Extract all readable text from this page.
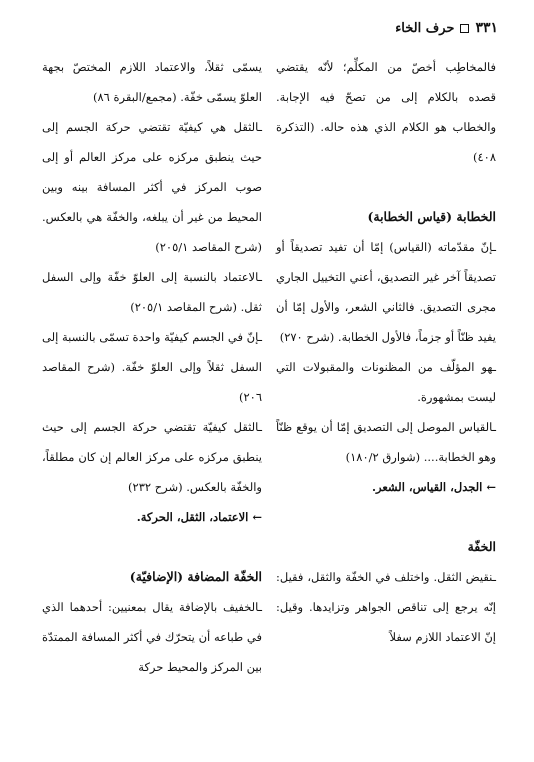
٣٣١
حرف الخاء

فالمخاطِب أخصّ من المكلِّم؛ لأنّه يقتضي قصده بالكلام إلى من تصحّ فيه الإجابة. والخطاب هو الكلام الذي هذه حاله. (التذكرة ٤٠٨)

الخطابة (قياس الخطابة)

ـإنّ مقدّماته (القياس) إمّا أن تفيد تصديقاً أو تصديقاً آخر غير التصديق، أعني التخييل الجاري مجرى التصديق. فالثاني الشعر، والأول إمّا أن يفيد ظنّاً أو جزماً، فالأول الخطابة. (شرح ٢٧٠)

ـهو المؤلّف من المظنونات والمقبولات التي ليست بمشهورة.

ـالقياس الموصل إلى التصديق إمّا أن يوقع ظنّاً وهو الخطابة.... (شوارق ١٨٠/٢)

← الجدل، القياس، الشعر.

الخفّة

ـنقيض الثقل. واختلف في الخفّة والثقل، فقيل: إنّه يرجع إلى تناقص الجواهر وتزايدها. وقيل: إنّ الاعتماد اللازم سفلاً

يسمّى ثقلاً، والاعتماد اللازم المختصّ بجهة العلوّ يسمّى خفّة. (مجمع/البقرة ٨٦)

ـالثقل هي كيفيّة تقتضي حركة الجسم إلى حيث ينطبق مركزه على مركز العالم أو إلى صوب المركز في أكثر المسافة بينه وبين المحيط من غير أن يبلغه، والخفّة هي بالعكس. (شرح المقاصد ٢٠٥/١)

ـالاعتماد بالنسبة إلى العلوّ خفّة وإلى السفل ثقل. (شرح المقاصد ٢٠٥/١)

ـإنّ في الجسم كيفيّة واحدة تسمّى بالنسبة إلى السفل ثقلاً وإلى العلوّ خفّة. (شرح المقاصد ٢٠٦)

ـالثقل كيفيّة تقتضي حركة الجسم إلى حيث ينطبق مركزه على مركز العالم إن كان مطلقاً، والخفّة بالعكس. (شرح ٢٣٢)

← الاعتماد، الثقل، الحركة.

الخفّة المضافة (الإضافيّة)

ـالخفيف بالإضافة يقال بمعنيين: أحدهما الذي في طباعه أن يتحرّك في أكثر المسافة الممتدّة بين المركز والمحيط حركة
